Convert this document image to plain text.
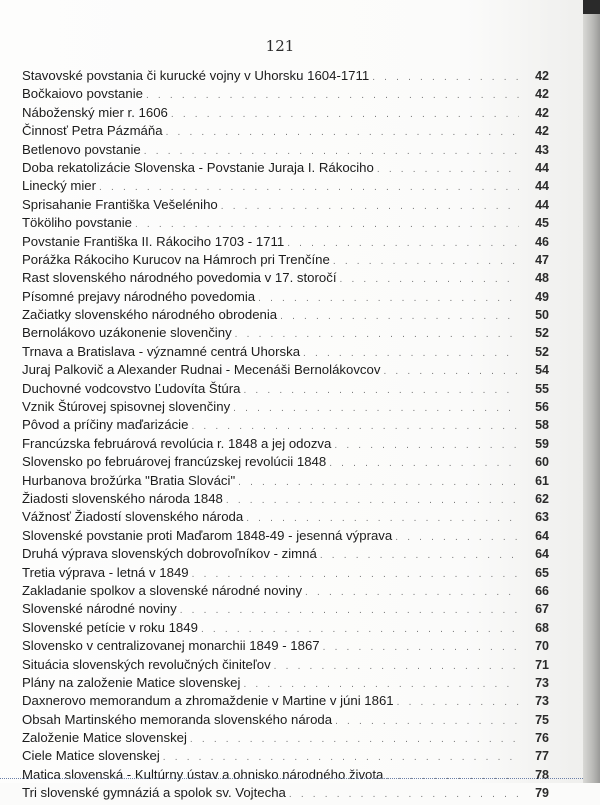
121
Stavovské povstania či kurucké vojny v Uhorsku 1604-1711 . . .	42
Bočkaiovo povstanie . . .	42
Náboženský mier r. 1606 . . .	42
Činnosť Petra Pázmáňa . . .	42
Betlenovo povstanie . . .	43
Doba rekatolizácie Slovenska - Povstanie Juraja I. Rákociho . . .	44
Linecký mier . . .	44
Sprisahanie Františka Vešeléniho . . .	44
Tököliho povstanie . . .	45
Povstanie Františka II. Rákociho 1703 - 1711 . . .	46
Porážka Rákociho Kurucov na Hámroch pri Trenčíne . . .	47
Rast slovenského národného povedomia v 17. storočí . . .	48
Písomné prejavy národného povedomia . . .	49
Začiatky slovenského národného obrodenia . . .	50
Bernolákovo uzákonenie slovenčiny . . .	52
Trnava a Bratislava - významné centrá Uhorska . . .	52
Juraj Palkovič a Alexander Rudnai - Mecenáši Bernolákovcov . . .	54
Duchovné vodcovstvo Ľudovíta Štúra . . .	55
Vznik Štúrovej spisovnej slovenčiny . . .	56
Pôvod a príčiny maďarizácie . . .	58
Francúzska februárová revolúcia r. 1848 a jej odozva . . .	59
Slovensko po februárovej francúzskej revolúcii 1848 . . .	60
Hurbanova brožúrka "Bratia Slováci" . . .	61
Žiadosti slovenského národa 1848 . . .	62
Vážnosť Žiadostí slovenského národa . . .	63
Slovenské povstanie proti Maďarom 1848-49 - jesenná výprava . . .	64
Druhá výprava slovenských dobrovoľníkov - zimná . . .	64
Tretia výprava - letná v 1849 . . .	65
Zakladanie spolkov a slovenské národné noviny . . .	66
Slovenské národné noviny . . .	67
Slovenské petície v roku 1849 . . .	68
Slovensko v centralizovanej monarchii 1849 - 1867 . . .	70
Situácia slovenských revolučných činiteľov . . .	71
Plány na založenie Matice slovenskej . . .	73
Daxnerovo memorandum a zhromaždenie v Martine v júni 1861 . . .	73
Obsah Martinského memoranda slovenského národa . . .	75
Založenie Matice slovenskej . . .	76
Ciele Matice slovenskej . . .	77
Matica slovenská - Kultúrny ústav a ohnisko národného života . . .	78
Tri slovenské gymnáziá a spolok sv. Vojtecha . . .	79
